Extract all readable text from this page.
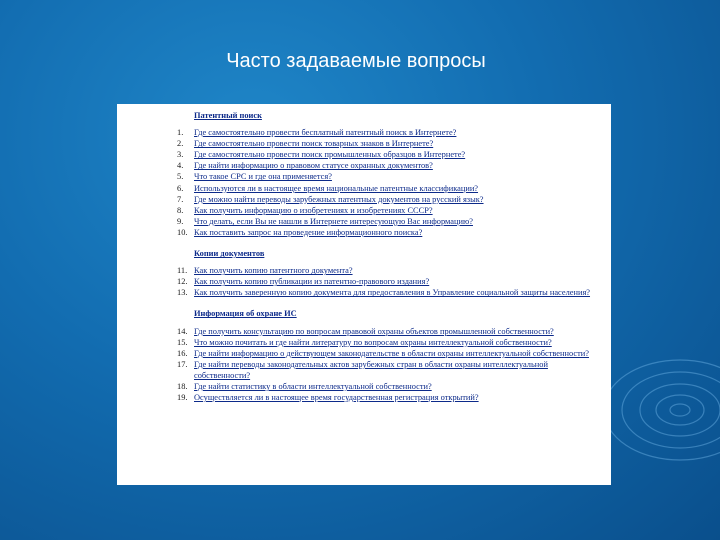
Часто задаваемые вопросы
Патентный поиск
1.	Где самостоятельно провести бесплатный патентный поиск в Интернете?
2.	Где самостоятельно провести поиск товарных знаков в Интернете?
3.	Где самостоятельно провести поиск промышленных образцов в Интернете?
4.	Где найти информацию о правовом статусе охранных документов?
5.	Что такое СРС и где она применяется?
6.	Используются ли в настоящее время национальные патентные классификации?
7.	Где можно найти переводы зарубежных патентных документов на русский язык?
8.	Как получить информацию о изобретениях и изобретениях СССР?
9.	Что делать, если Вы не нашли в Интернете интересующую Вас информацию?
10. Как поставить запрос на проведение информационного поиска?
Копии документов
11. Как получить копию патентного документа?
12. Как получить копию публикации из патентно-правового издания?
13. Как получить заверенную копию документа для предоставления в Управление социальной защиты населения?
Информация об охране ИС
14. Где получить консультацию по вопросам правовой охраны объектов промышленной собственности?
15. Что можно почитать и где найти литературу по вопросам охраны интеллектуальной собственности?
16. Где найти информацию о действующем законодательстве в области охраны интеллектуальной собственности?
17. Где найти переводы законодательных актов зарубежных стран в области охраны интеллектуальной собственности?
18. Где найти статистику в области интеллектуальной собственности?
19. Осуществляется ли в настоящее время государственная регистрация открытий?
